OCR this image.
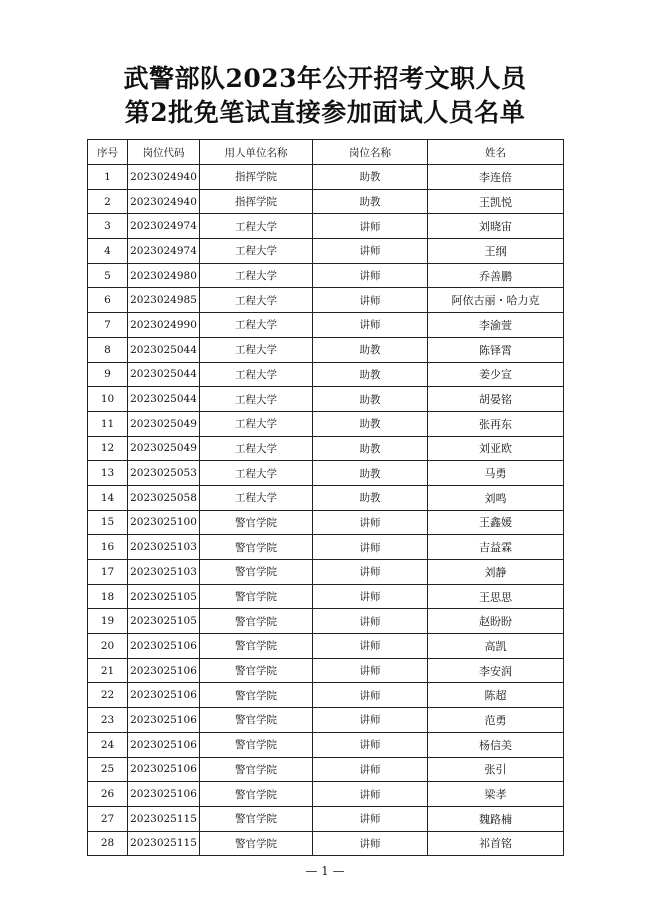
武警部队2023年公开招考文职人员
第2批免笔试直接参加面试人员名单
序号	岗位代码	用人单位名称	岗位名称	姓名
1	2023024940	指挥学院	助教	李连倍
2	2023024940	指挥学院	助教	王凯悦
3	2023024974	工程大学	讲师	刘晓宙
4	2023024974	工程大学	讲师	王纲
5	2023024980	工程大学	讲师	乔善鹏
6	2023024985	工程大学	讲师	阿依古丽・哈力克
7	2023024990	工程大学	讲师	李渝萱
8	2023025044	工程大学	助教	陈铎霄
9	2023025044	工程大学	助教	姜少宣
10	2023025044	工程大学	助教	胡晏铭
11	2023025049	工程大学	助教	张再东
12	2023025049	工程大学	助教	刘亚欧
13	2023025053	工程大学	助教	马勇
14	2023025058	工程大学	助教	刘鸣
15	2023025100	警官学院	讲师	王鑫媛
16	2023025103	警官学院	讲师	吉益霖
17	2023025103	警官学院	讲师	刘静
18	2023025105	警官学院	讲师	王思思
19	2023025105	警官学院	讲师	赵盼盼
20	2023025106	警官学院	讲师	高凯
21	2023025106	警官学院	讲师	李安润
22	2023025106	警官学院	讲师	陈超
23	2023025106	警官学院	讲师	范勇
24	2023025106	警官学院	讲师	杨信美
25	2023025106	警官学院	讲师	张引
26	2023025106	警官学院	讲师	梁孝
27	2023025115	警官学院	讲师	魏路楠
28	2023025115	警官学院	讲师	祁首铭
— 1 —
